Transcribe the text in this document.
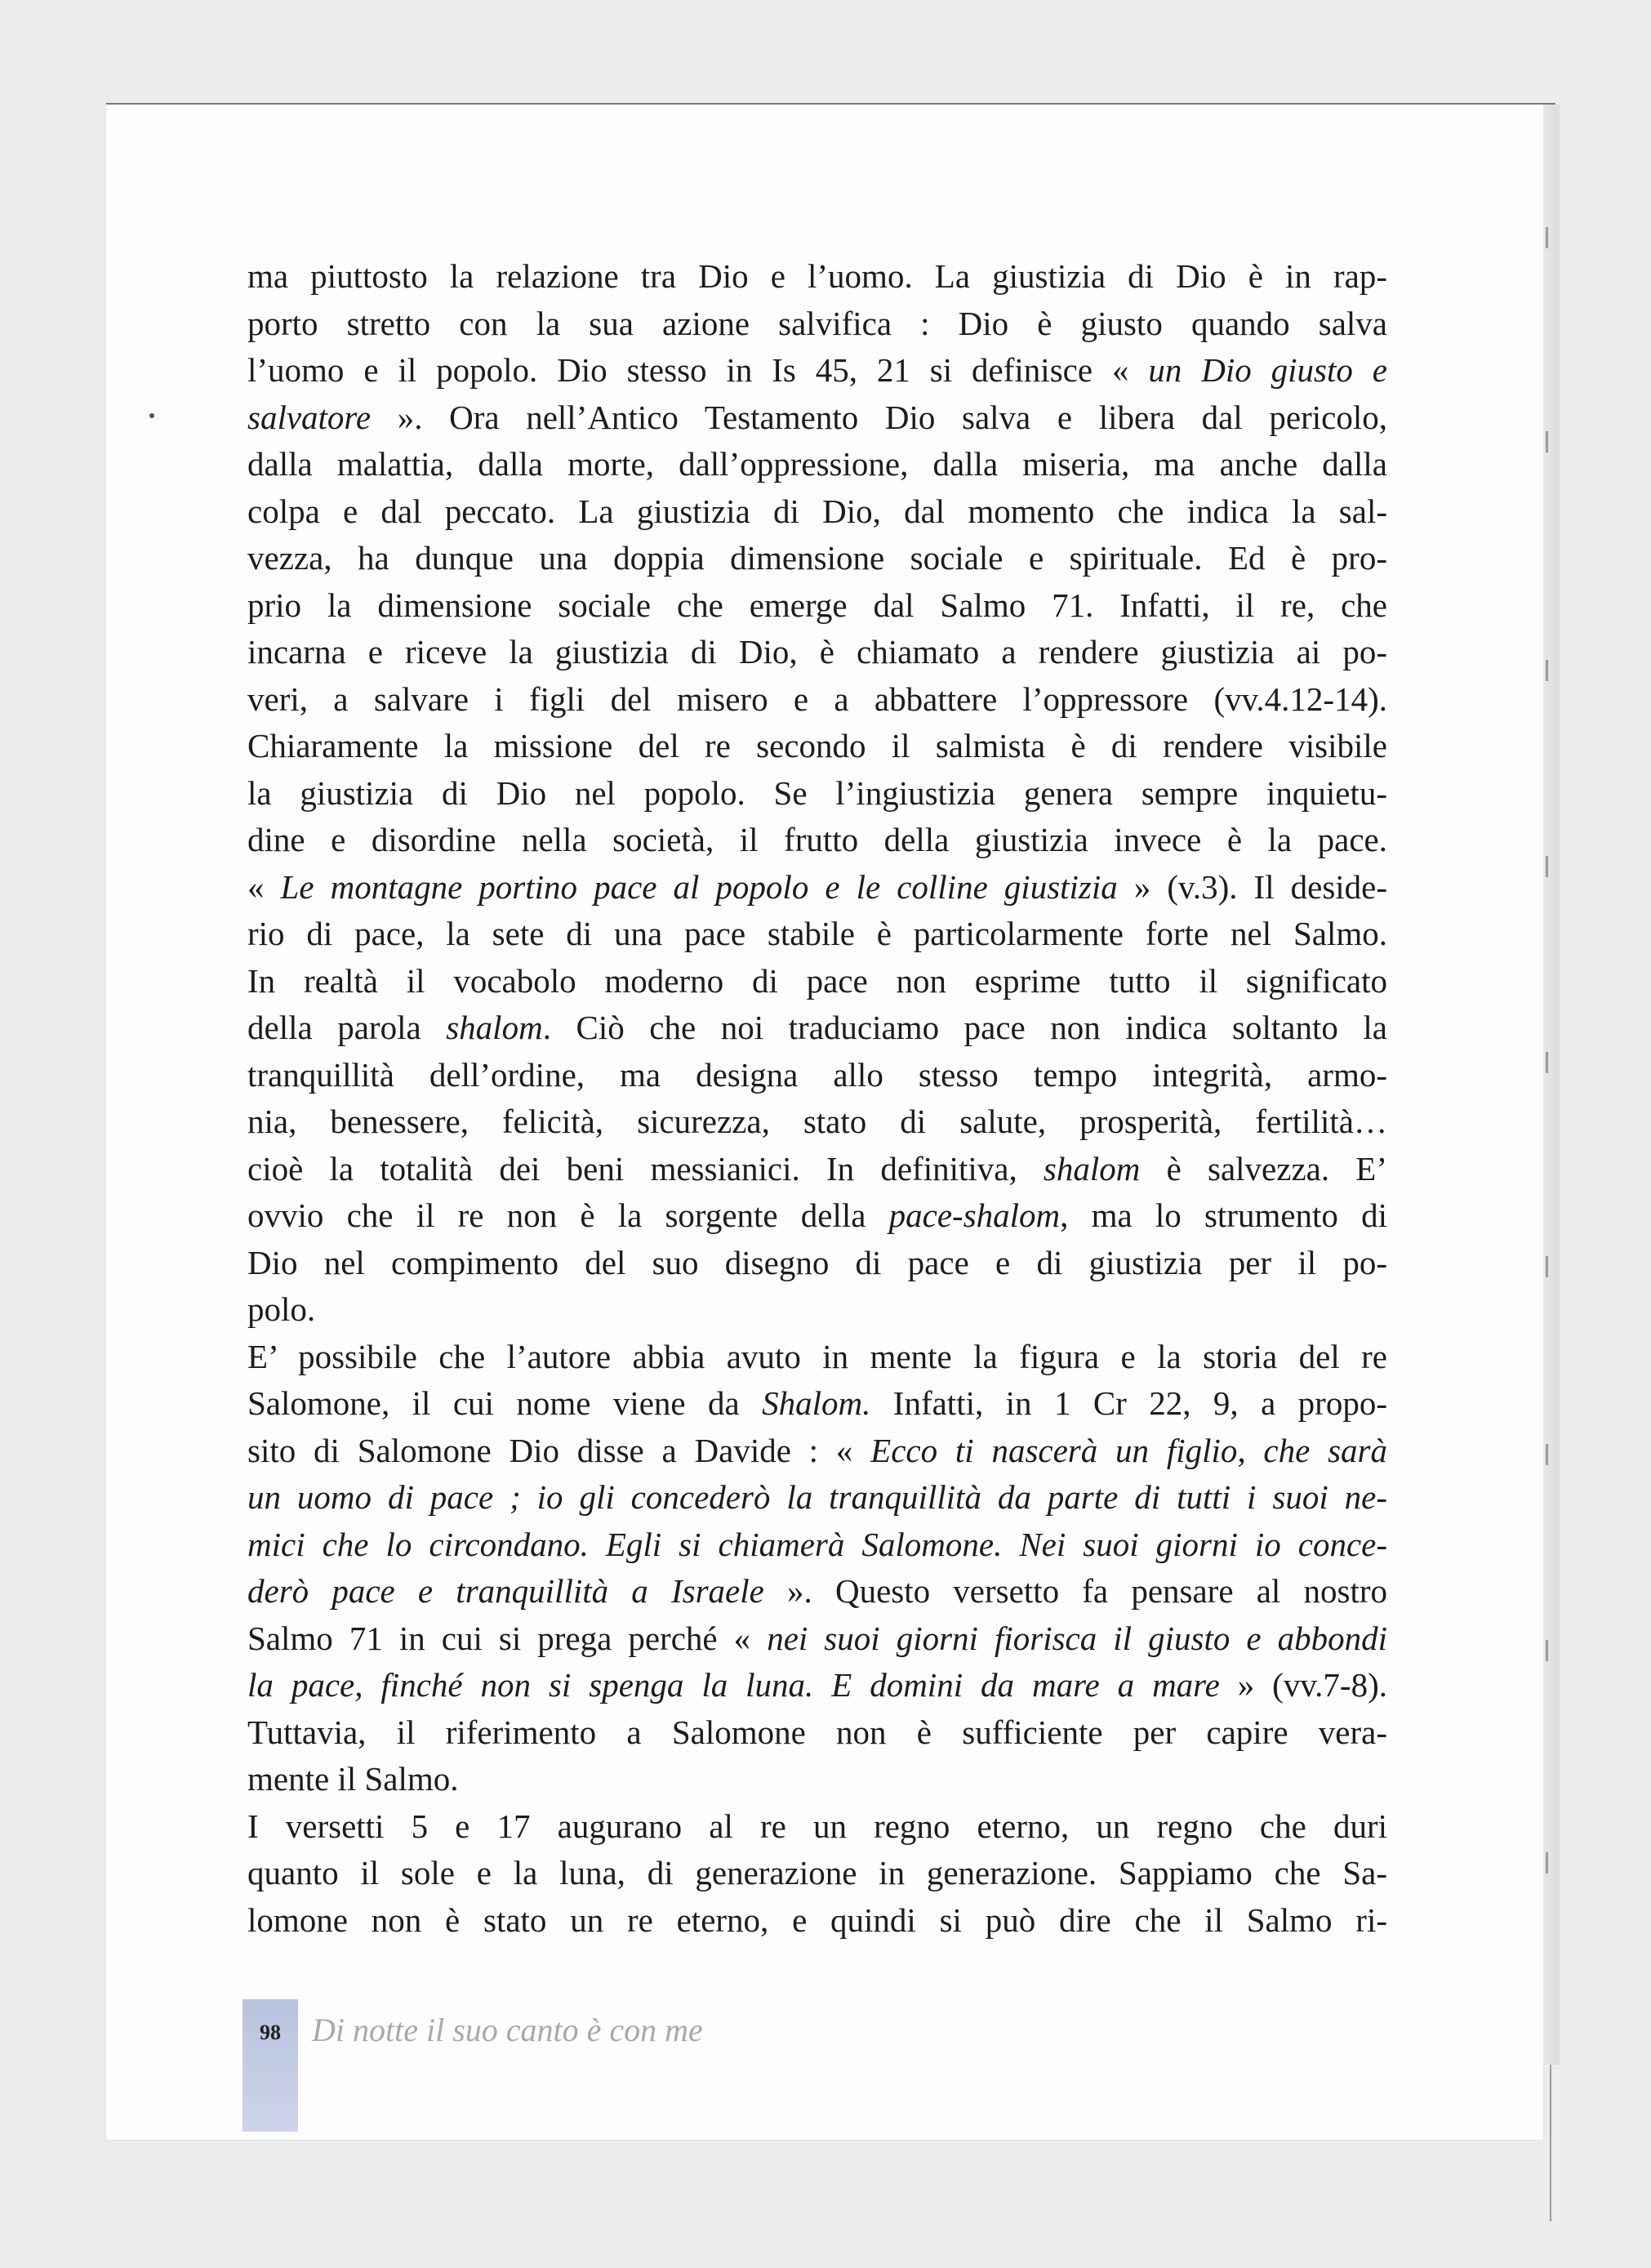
ma piuttosto la relazione tra Dio e l’uomo. La giustizia di Dio è in rap-
porto stretto con la sua azione salvifica : Dio è giusto quando salva
l’uomo e il popolo. Dio stesso in Is 45, 21 si definisce « un Dio giusto e
salvatore ». Ora nell’Antico Testamento Dio salva e libera dal pericolo,
dalla malattia, dalla morte, dall’oppressione, dalla miseria, ma anche dalla
colpa e dal peccato. La giustizia di Dio, dal momento che indica la sal-
vezza, ha dunque una doppia dimensione sociale e spirituale. Ed è pro-
prio la dimensione sociale che emerge dal Salmo 71. Infatti, il re, che
incarna e riceve la giustizia di Dio, è chiamato a rendere giustizia ai po-
veri, a salvare i figli del misero e a abbattere l’oppressore (vv.4.12-14).
Chiaramente la missione del re secondo il salmista è di rendere visibile
la giustizia di Dio nel popolo. Se l’ingiustizia genera sempre inquietu-
dine e disordine nella società, il frutto della giustizia invece è la pace.
« Le montagne portino pace al popolo e le colline giustizia » (v.3). Il deside-
rio di pace, la sete di una pace stabile è particolarmente forte nel Salmo.
In realtà il vocabolo moderno di pace non esprime tutto il significato
della parola shalom. Ciò che noi traduciamo pace non indica soltanto la
tranquillità dell’ordine, ma designa allo stesso tempo integrità, armo-
nia, benessere, felicità, sicurezza, stato di salute, prosperità, fertilità…
cioè la totalità dei beni messianici. In definitiva, shalom è salvezza. E’
ovvio che il re non è la sorgente della pace-shalom, ma lo strumento di
Dio nel compimento del suo disegno di pace e di giustizia per il po-
polo.
E’ possibile che l’autore abbia avuto in mente la figura e la storia del re
Salomone, il cui nome viene da Shalom. Infatti, in 1 Cr 22, 9, a propo-
sito di Salomone Dio disse a Davide : « Ecco ti nascerà un figlio, che sarà
un uomo di pace ; io gli concederò la tranquillità da parte di tutti i suoi ne-
mici che lo circondano. Egli si chiamerà Salomone. Nei suoi giorni io conce-
derò pace e tranquillità a Israele ». Questo versetto fa pensare al nostro
Salmo 71 in cui si prega perché « nei suoi giorni fiorisca il giusto e abbondi
la pace, finché non si spenga la luna. E domini da mare a mare » (vv.7-8).
Tuttavia, il riferimento a Salomone non è sufficiente per capire vera-
mente il Salmo.
I versetti 5 e 17 augurano al re un regno eterno, un regno che duri
quanto il sole e la luna, di generazione in generazione. Sappiamo che Sa-
lomone non è stato un re eterno, e quindi si può dire che il Salmo ri-
98 Di notte il suo canto è con me
